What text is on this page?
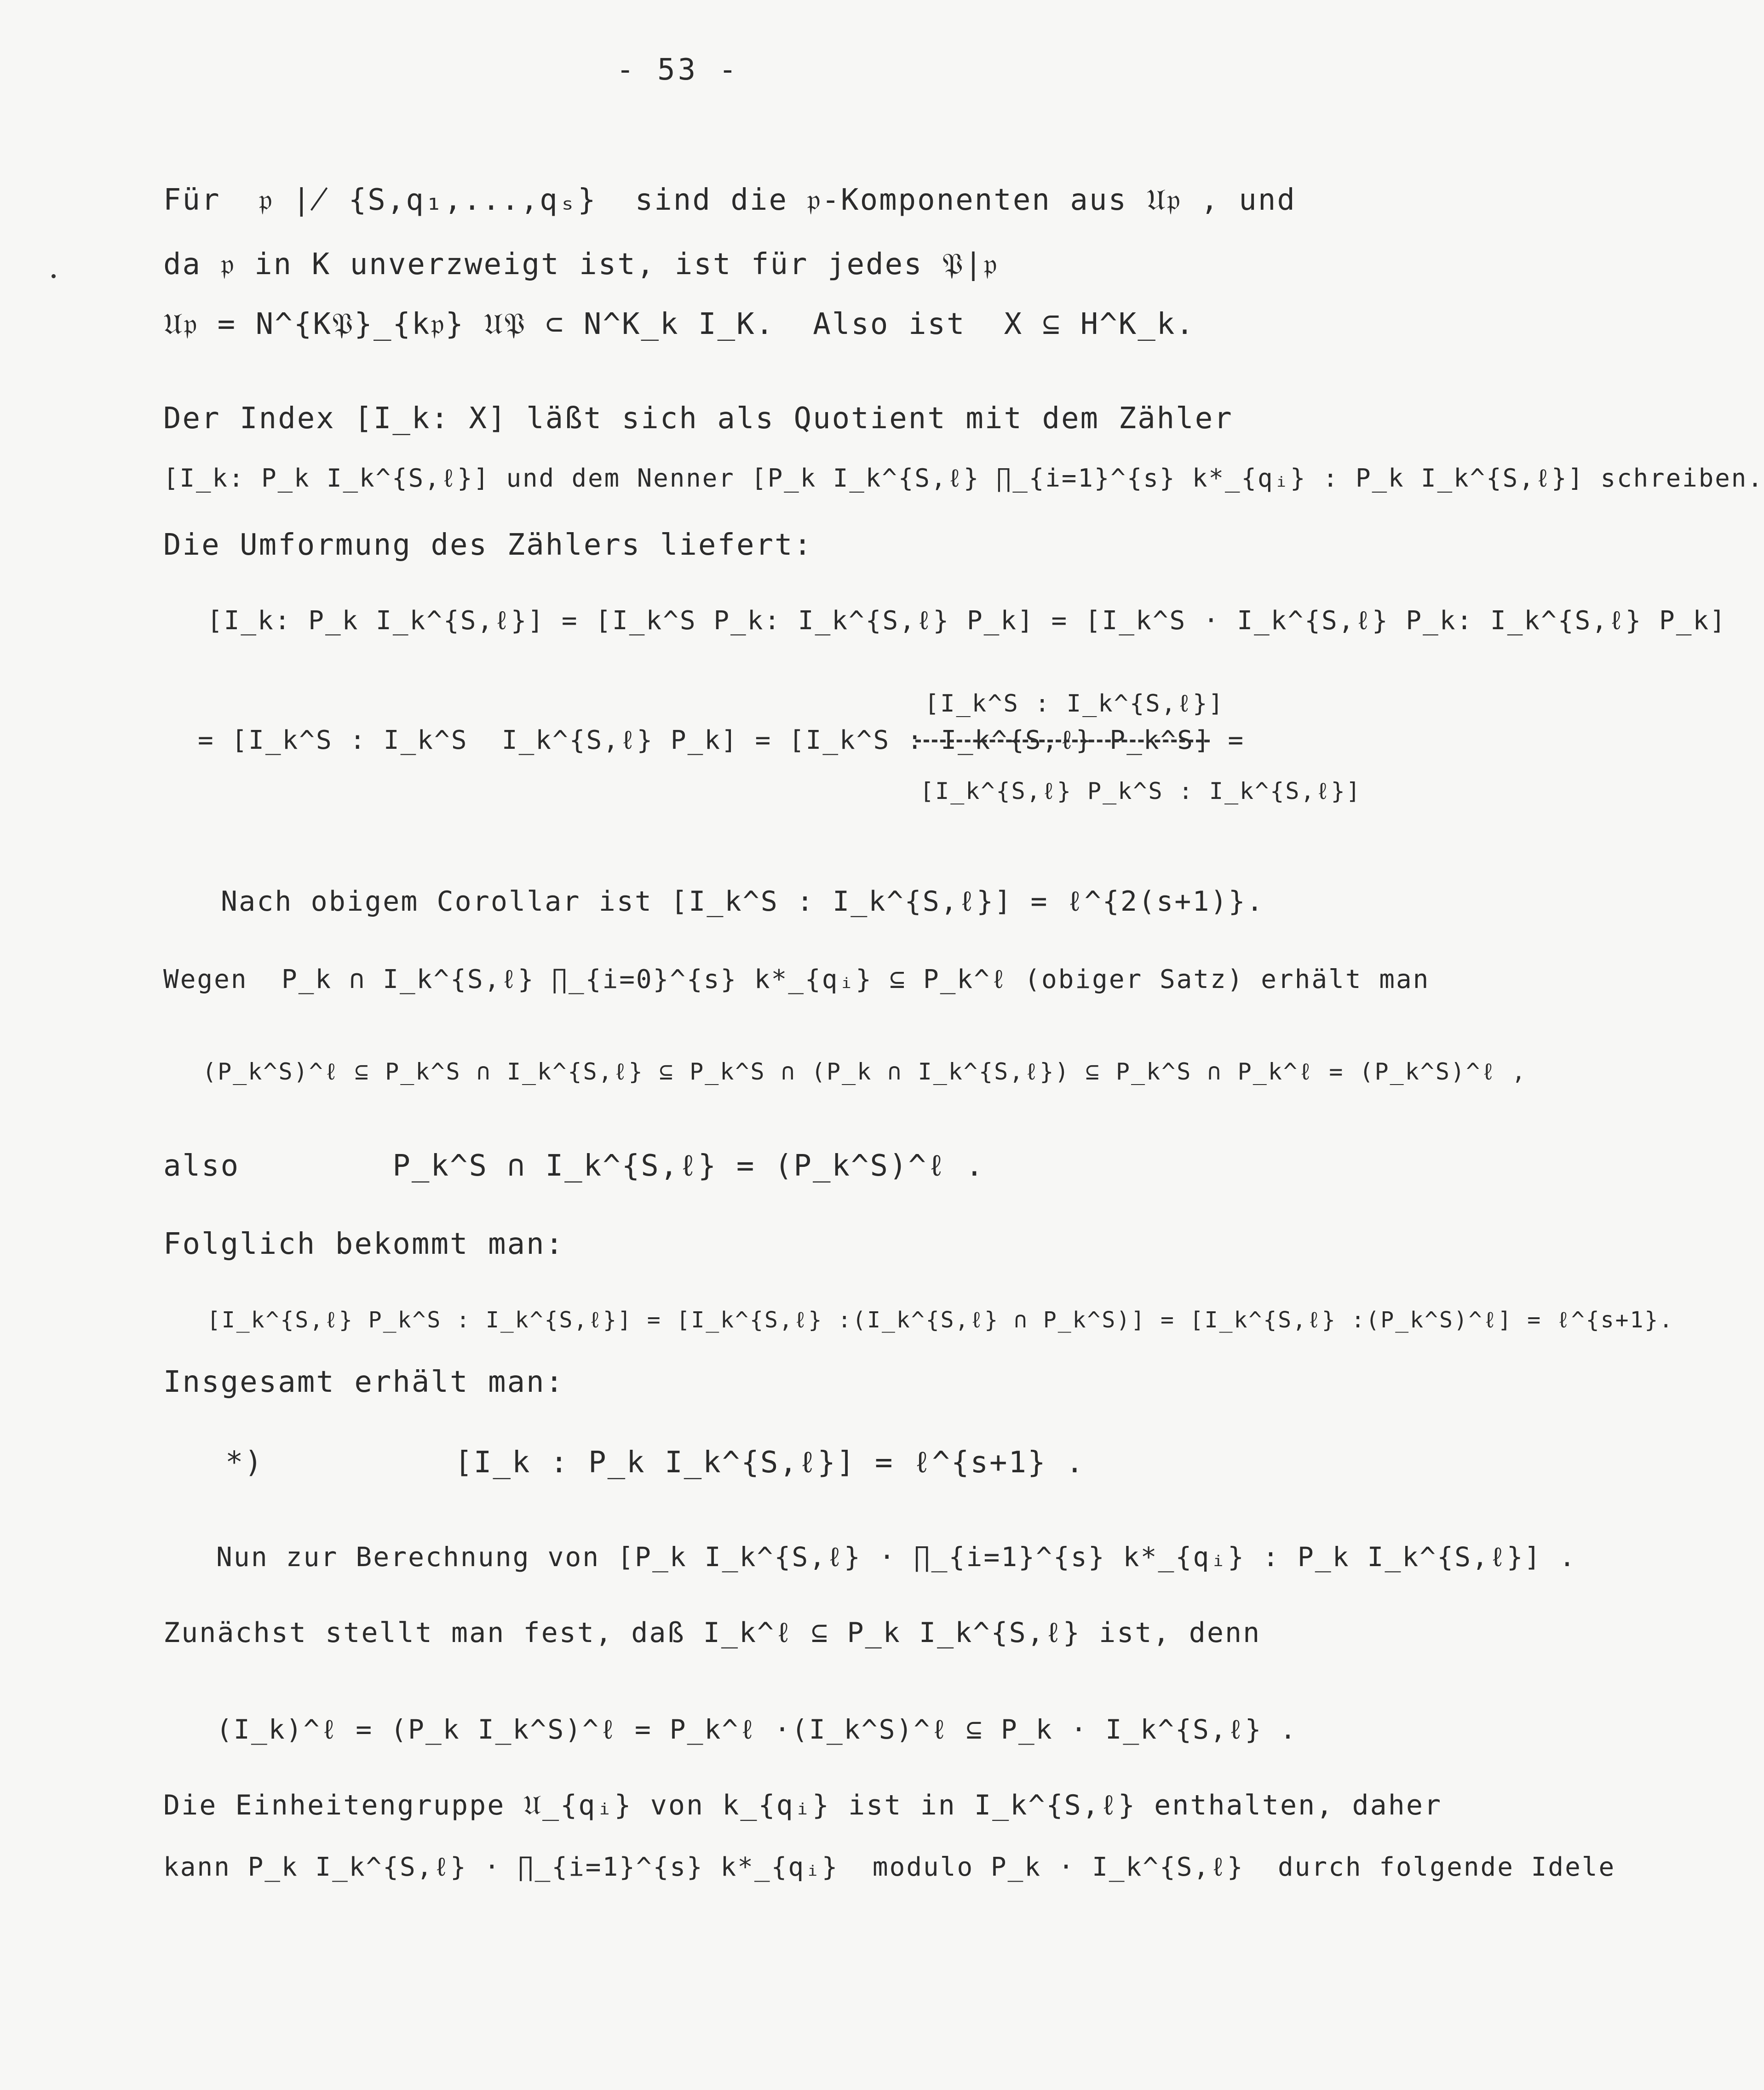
- 53 -
Für  𝔭 ∤ {S,q₁,...,qₛ}  sind die 𝔭-Komponenten aus 𝔘𝔭 , und
da 𝔭 in K unverzweigt ist, ist für jedes 𝔓|𝔭
𝔘𝔭 = N^{K𝔓}_{k𝔭} 𝔘𝔓 ⊂ N^K_k I_K.  Also ist  X ⊆ H^K_k.
Der Index [I_k: X] läßt sich als Quotient mit dem Zähler
[I_k: P_k I_k^{S,ℓ}] und dem Nenner [P_k I_k^{S,ℓ} ∏_{i=1}^{s} k*_{qᵢ} : P_k I_k^{S,ℓ}] schreiben.
Die Umformung des Zählers liefert:
[I_k: P_k I_k^{S,ℓ}] = [I_k^S P_k: I_k^{S,ℓ} P_k] = [I_k^S · I_k^{S,ℓ} P_k: I_k^{S,ℓ} P_k]
= [I_k^S : I_k^S  I_k^{S,ℓ} P_k] = [I_k^S : I_k^{S,ℓ} P_k^S] =
[I_k^S : I_k^{S,ℓ}]
[I_k^{S,ℓ} P_k^S : I_k^{S,ℓ}]
Nach obigem Corollar ist [I_k^S : I_k^{S,ℓ}] = ℓ^{2(s+1)}.
Wegen  P_k ∩ I_k^{S,ℓ} ∏_{i=0}^{s} k*_{qᵢ} ⊆ P_k^ℓ (obiger Satz) erhält man
(P_k^S)^ℓ ⊆ P_k^S ∩ I_k^{S,ℓ} ⊆ P_k^S ∩ (P_k ∩ I_k^{S,ℓ}) ⊆ P_k^S ∩ P_k^ℓ = (P_k^S)^ℓ ,
also        P_k^S ∩ I_k^{S,ℓ} = (P_k^S)^ℓ .
Folglich bekommt man:
[I_k^{S,ℓ} P_k^S : I_k^{S,ℓ}] = [I_k^{S,ℓ} :(I_k^{S,ℓ} ∩ P_k^S)] = [I_k^{S,ℓ} :(P_k^S)^ℓ] = ℓ^{s+1}.
Insgesamt erhält man:
*)          [I_k : P_k I_k^{S,ℓ}] = ℓ^{s+1} .
Nun zur Berechnung von [P_k I_k^{S,ℓ} · ∏_{i=1}^{s} k*_{qᵢ} : P_k I_k^{S,ℓ}] .
Zunächst stellt man fest, daß I_k^ℓ ⊆ P_k I_k^{S,ℓ} ist, denn
(I_k)^ℓ = (P_k I_k^S)^ℓ = P_k^ℓ ·(I_k^S)^ℓ ⊆ P_k · I_k^{S,ℓ} .
Die Einheitengruppe 𝔘_{qᵢ} von k_{qᵢ} ist in I_k^{S,ℓ} enthalten, daher
kann P_k I_k^{S,ℓ} · ∏_{i=1}^{s} k*_{qᵢ}  modulo P_k · I_k^{S,ℓ}  durch folgende Idele
